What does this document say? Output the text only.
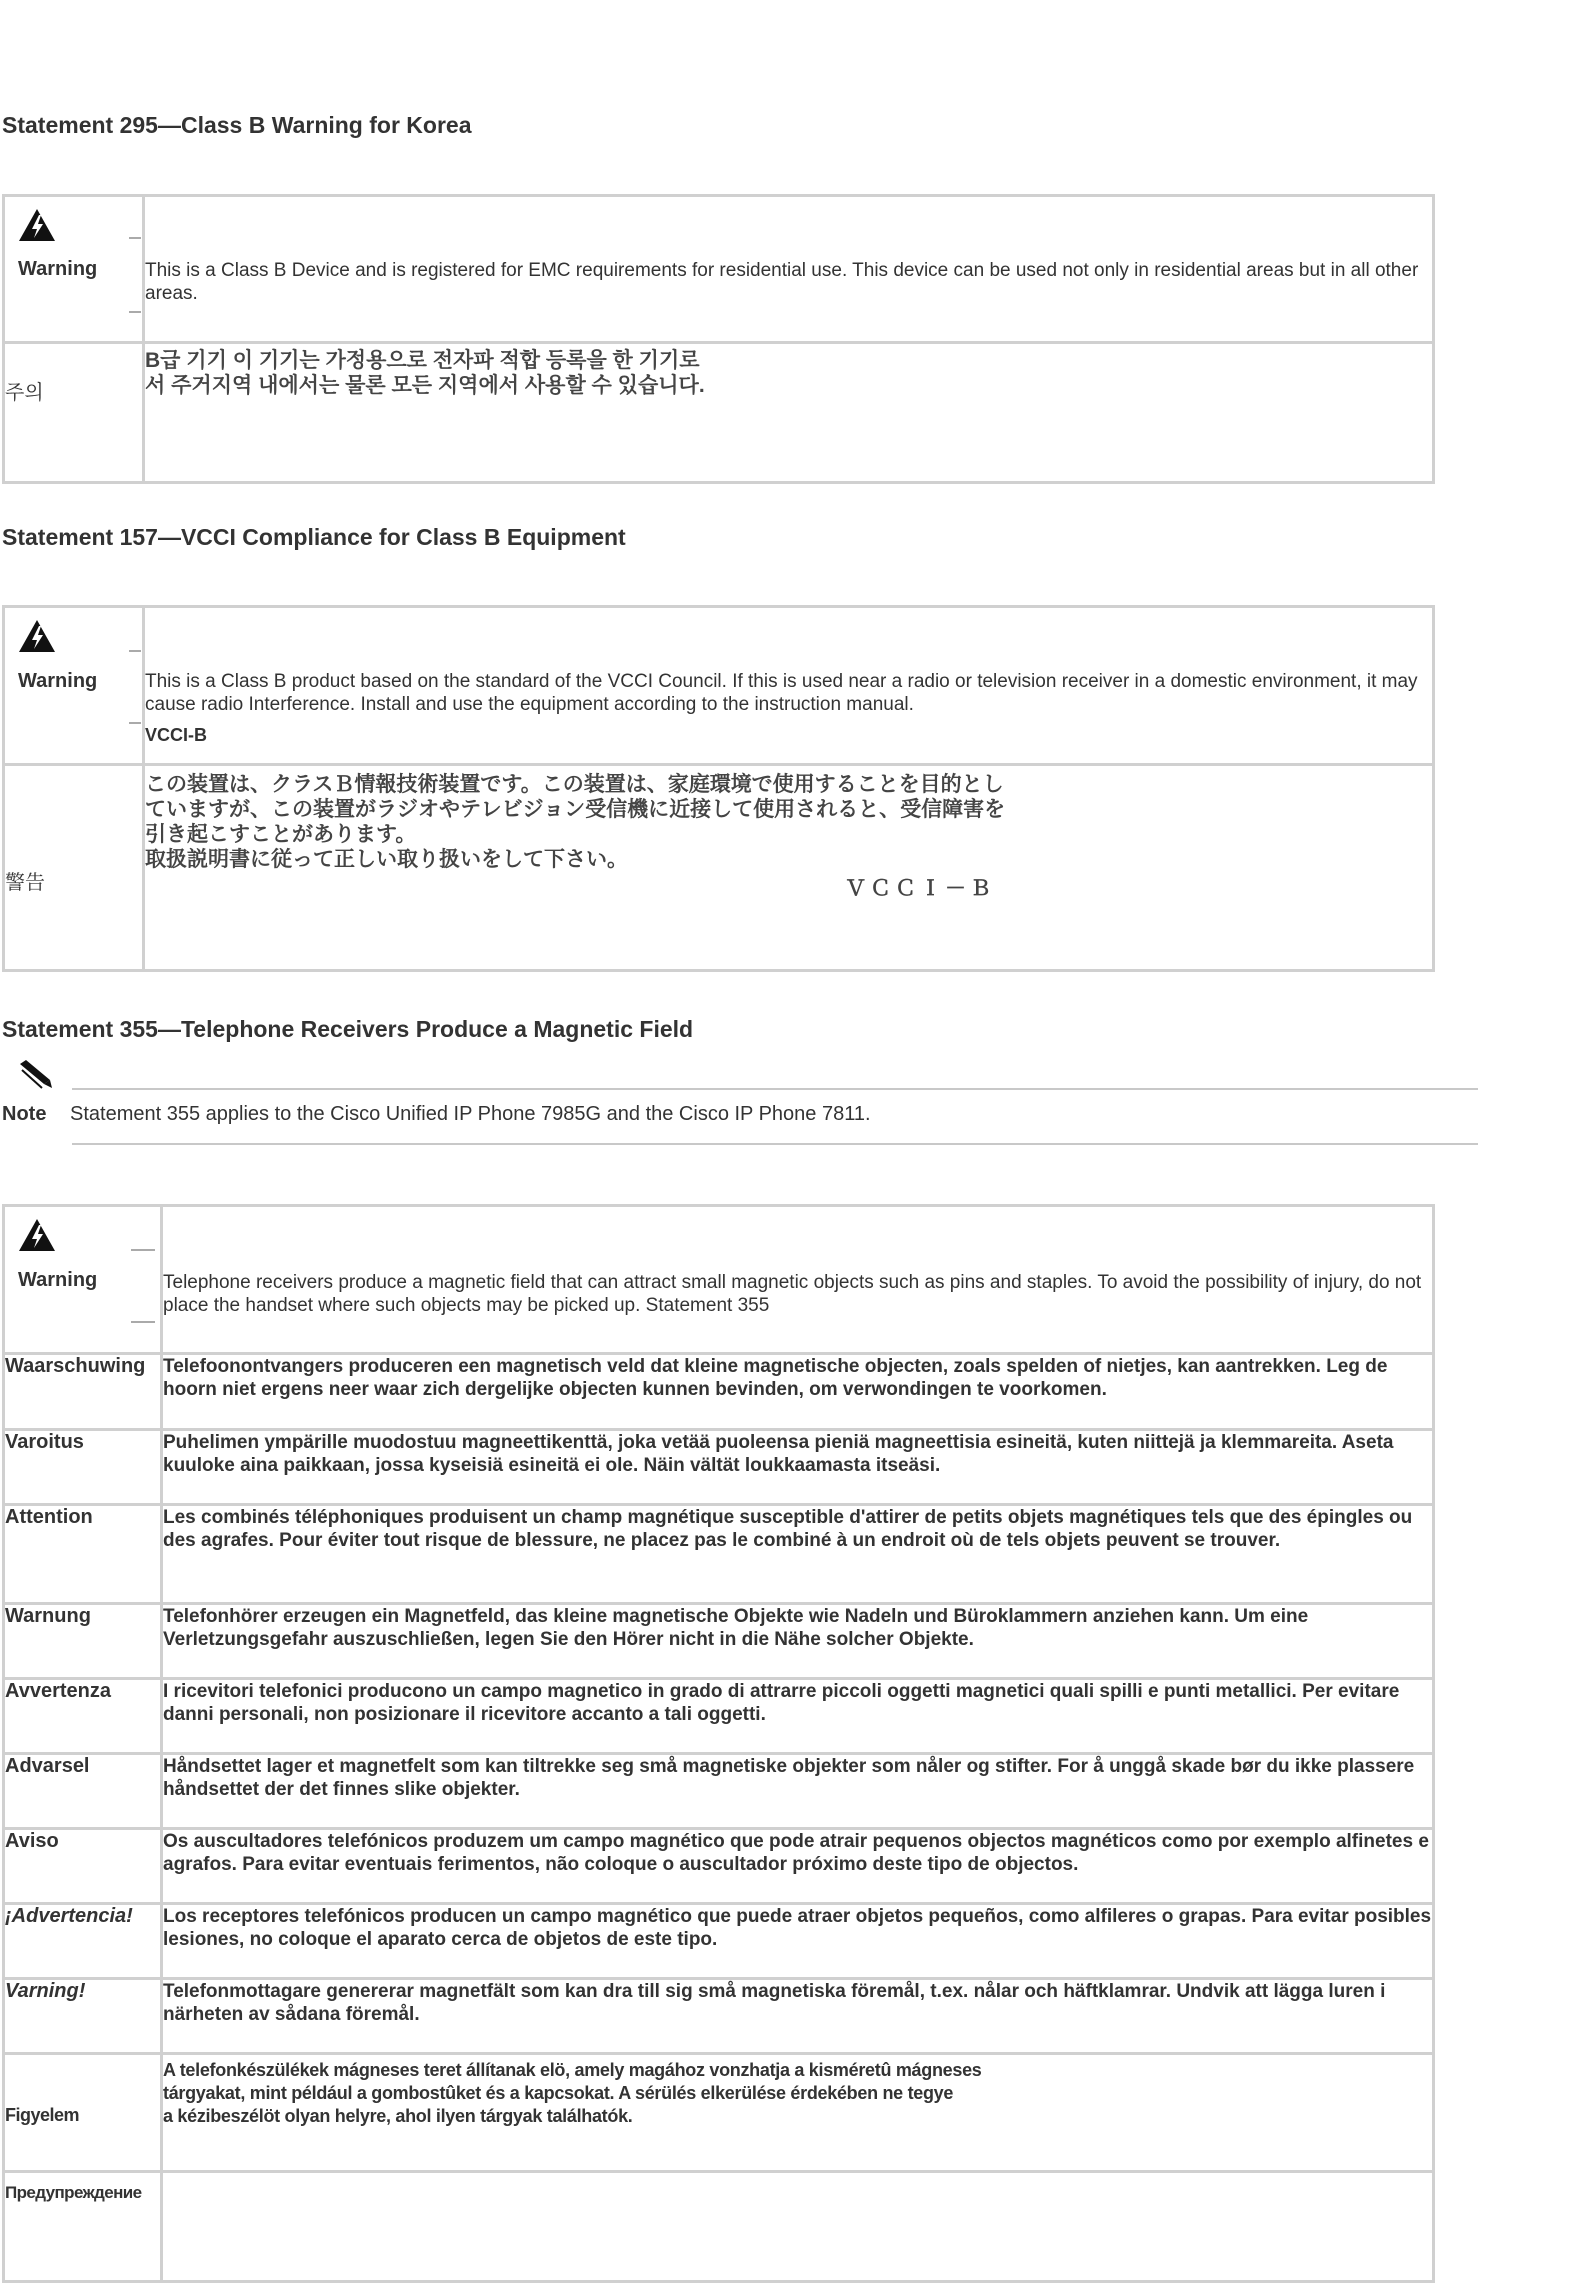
Statement 295—Class B Warning for Korea
Warning	This is a Class B Device and is registered for EMC requirements for residential use. This device can be used not only in residential areas but in all other areas.
주의	B급 기기 이 기기는 가정용으로 전자파 적합 등록을 한 기기로
서 주거지역 내에서는 물론 모든 지역에서 사용할 수 있습니다.
Statement 157—VCCI Compliance for Class B Equipment
Warning	This is a Class B product based on the standard of the VCCI Council. If this is used near a radio or television receiver in a domestic environment, it may cause radio Interference. Install and use the equipment according to the instruction manual.
VCCI-B

警告	この装置は、クラスＢ情報技術装置です。この装置は、家庭環境で使用することを目的とし
ていますが、この装置がラジオやテレビジョン受信機に近接して使用されると、受信障害を
引き起こすことがあります。
取扱説明書に従って正しい取り扱いをして下さい。
ＶＣＣＩ－Ｂ
Statement 355—Telephone Receivers Produce a Magnetic Field
Note Statement 355 applies to the Cisco Unified IP Phone 7985G and the Cisco IP Phone 7811.
Warning	Telephone receivers produce a magnetic field that can attract small magnetic objects such as pins and staples. To avoid the possibility of injury, do not place the handset where such objects may be picked up. Statement 355
Waarschuwing	Telefoonontvangers produceren een magnetisch veld dat kleine magnetische objecten, zoals spelden of nietjes, kan aantrekken. Leg de hoorn niet ergens neer waar zich dergelijke objecten kunnen bevinden, om verwondingen te voorkomen.
Varoitus	Puhelimen ympärille muodostuu magneettikenttä, joka vetää puoleensa pieniä magneettisia esineitä, kuten niittejä ja klemmareita. Aseta kuuloke aina paikkaan, jossa kyseisiä esineitä ei ole. Näin vältät loukkaamasta itseäsi.
Attention	Les combinés téléphoniques produisent un champ magnétique susceptible d'attirer de petits objets magnétiques tels que des épingles ou des agrafes. Pour éviter tout risque de blessure, ne placez pas le combiné à un endroit où de tels objets peuvent se trouver.
Warnung	Telefonhörer erzeugen ein Magnetfeld, das kleine magnetische Objekte wie Nadeln und Büroklammern anziehen kann. Um eine Verletzungsgefahr auszuschließen, legen Sie den Hörer nicht in die Nähe solcher Objekte.
Avvertenza	I ricevitori telefonici producono un campo magnetico in grado di attrarre piccoli oggetti magnetici quali spilli e punti metallici. Per evitare danni personali, non posizionare il ricevitore accanto a tali oggetti.
Advarsel	Håndsettet lager et magnetfelt som kan tiltrekke seg små magnetiske objekter som nåler og stifter. For å unggå skade bør du ikke plassere håndsettet der det finnes slike objekter.
Aviso	Os auscultadores telefónicos produzem um campo magnético que pode atrair pequenos objectos magnéticos como por exemplo alfinetes e agrafos. Para evitar eventuais ferimentos, não coloque o auscultador próximo deste tipo de objectos.
¡Advertencia!	Los receptores telefónicos producen un campo magnético que puede atraer objetos pequeños, como alfileres o grapas. Para evitar posibles lesiones, no coloque el aparato cerca de objetos de este tipo.
Varning!	Telefonmottagare genererar magnetfält som kan dra till sig små magnetiska föremål, t.ex. nålar och häftklamrar. Undvik att lägga luren i närheten av sådana föremål.
Figyelem	A telefonkészülékek mágneses teret állítanak elö, amely magához vonzhatja a kisméretû mágneses
tárgyakat, mint például a gombostûket és a kapcsokat. A sérülés elkerülése érdekében ne tegye
a kézibeszélöt olyan helyre, ahol ilyen tárgyak találhatók.

Предупреждение	
